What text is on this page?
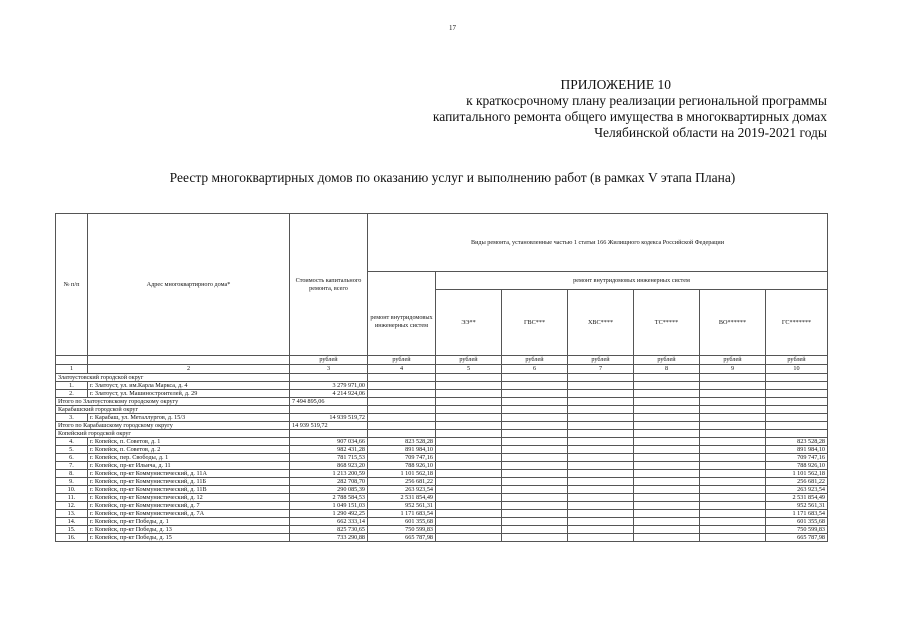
17
ПРИЛОЖЕНИЕ 10
к краткосрочному плану реализации региональной программы
капитального ремонта общего имущества в многоквартирных домах
Челябинской области на 2019-2021 годы
Реестр многоквартирных домов по оказанию услуг и выполнению работ (в рамках V этапа Плана)
№ п/п	Адрес многоквартирного дома*	Стоимость капитального ремонта, всего	Виды ремонта, установленные частью 1 статьи 166 Жилищного кодекса Российской Федерации						
				ремонт внутридомовых инженерных систем					
			ремонт внутридомовых инженерных систем	ЭЭ**	ГВС***	ХВС****	ТС*****	ВО******	ГС*******
		рублей	рублей	рублей	рублей	рублей	рублей	рублей	рублей
1	2	3	4	5	6	7	8	9	10
Златоустовский городской округ									
1.	г. Златоуст, ул. им.Карла Маркса, д. 4	3 279 971,00							
2.	г. Златоуст, ул. Машиностроителей, д. 29	4 214 924,06							
Итого по Златоустовскому городскому округу		7 494 895,06							
Карабашский городской округ									
3.	г. Карабаш, ул. Металлургов, д. 15/3	14 939 519,72							
Итого по Карабашскому городскому округу		14 939 519,72							
Копейский городской округ									
4.	г. Копейск, п. Советов, д. 1	907 034,66	823 528,28						823 528,28
5.	г. Копейск, п. Советов, д. 2	982 431,28	891 984,10						891 984,10
6.	г. Копейск, пер. Свободы, д. 1	781 715,53	709 747,16						709 747,16
7.	г. Копейск, пр-кт Ильича, д. 11	868 923,20	788 926,10						788 926,10
8.	г. Копейск, пр-кт Коммунистический, д. 11А	1 213 200,59	1 101 562,18						1 101 562,18
9.	г. Копейск, пр-кт Коммунистический, д. 11Б	282 708,70	256 681,22						256 681,22
10.	г. Копейск, пр-кт Коммунистический, д. 11В	290 085,39	263 923,54						263 923,54
11.	г. Копейск, пр-кт Коммунистический, д. 12	2 788 584,53	2 531 854,49						2 531 854,49
12.	г. Копейск, пр-кт Коммунистический, д. 7	1 049 151,03	952 561,31						952 561,31
13.	г. Копейск, пр-кт Коммунистический, д. 7А	1 290 492,25	1 171 683,54						1 171 683,54
14.	г. Копейск, пр-кт Победы, д. 1	662 333,14	601 355,68						601 355,68
15.	г. Копейск, пр-кт Победы, д. 13	825 730,65	750 599,83						750 599,83
16.	г. Копейск, пр-кт Победы, д. 15	733 290,88	665 787,98						665 787,98
